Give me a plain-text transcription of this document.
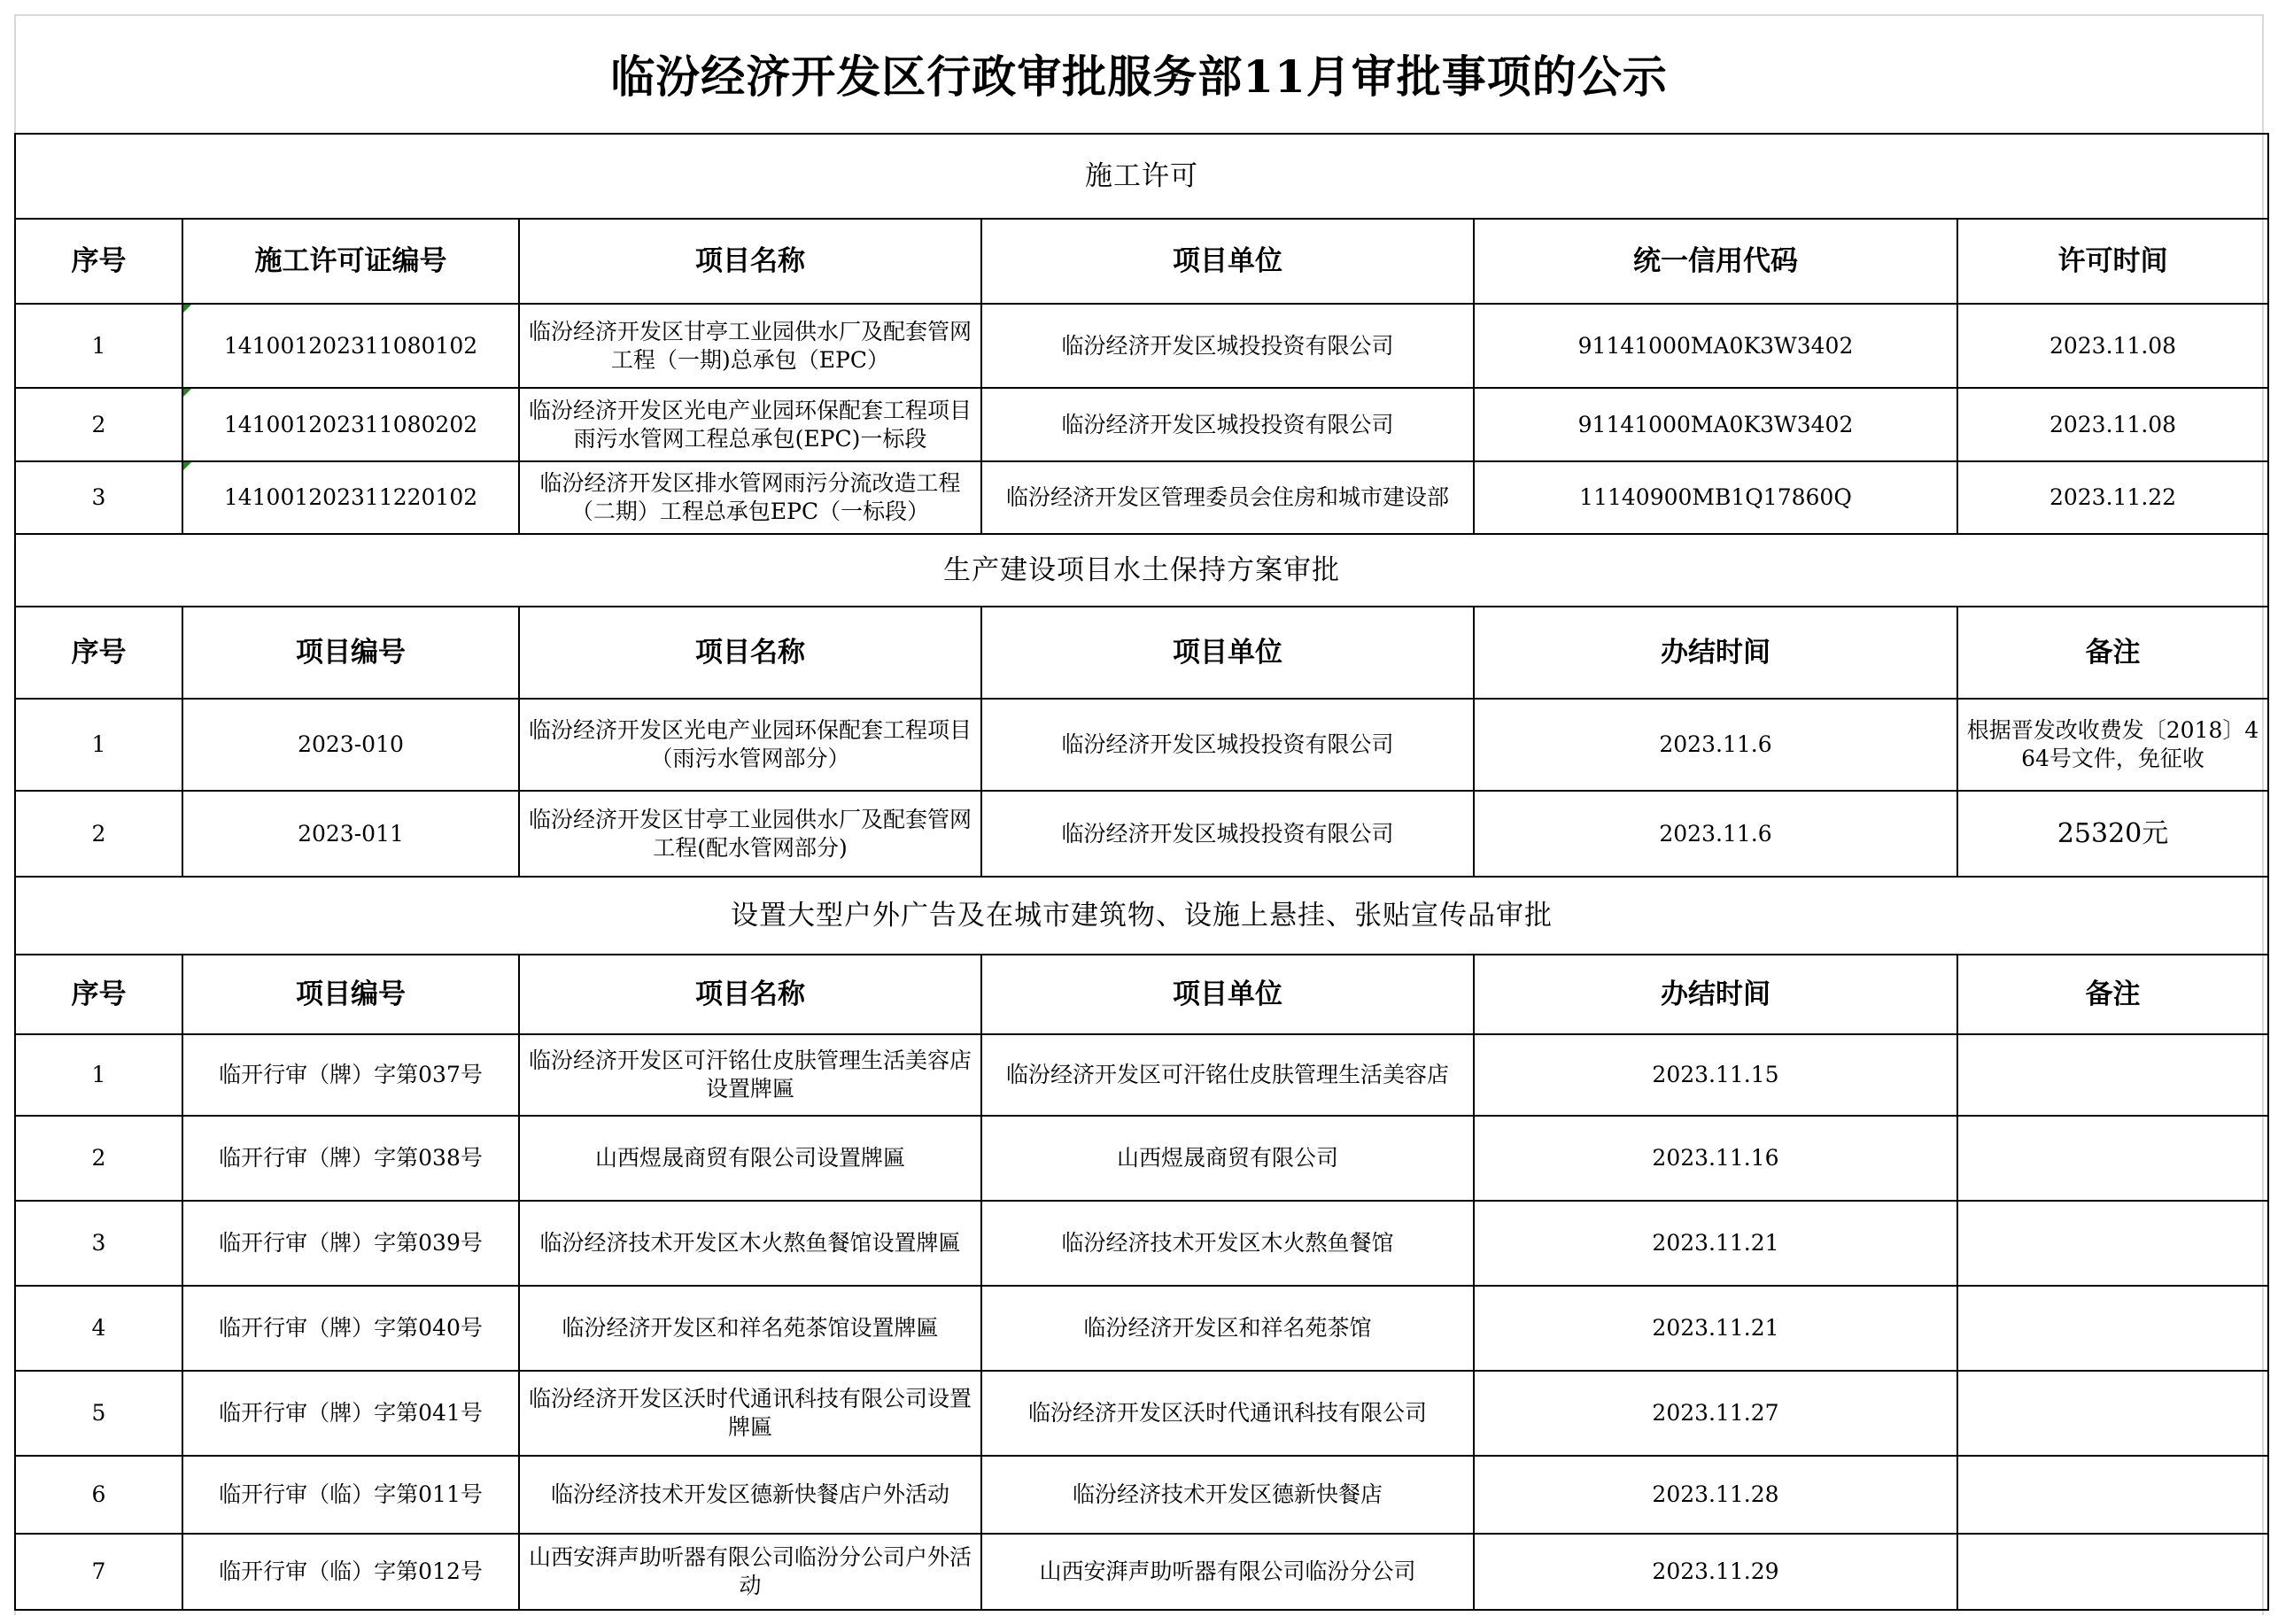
临汾经济开发区行政审批服务部11月审批事项的公示
施工许可					
序号	施工许可证编号	项目名称	项目单位	统一信用代码	许可时间
1	141001202311080102	临汾经济开发区甘亭工业园供水厂及配套管网工程（一期)总承包（EPC）	临汾经济开发区城投投资有限公司	91141000MA0K3W3402	2023.11.08
2	141001202311080202	临汾经济开发区光电产业园环保配套工程项目雨污水管网工程总承包(EPC)一标段	临汾经济开发区城投投资有限公司	91141000MA0K3W3402	2023.11.08
3	141001202311220102	临汾经济开发区排水管网雨污分流改造工程（二期）工程总承包EPC（一标段）	临汾经济开发区管理委员会住房和城市建设部	11140900MB1Q17860Q	2023.11.22
生产建设项目水土保持方案审批					
序号	项目编号	项目名称	项目单位	办结时间	备注
1	2023-010	临汾经济开发区光电产业园环保配套工程项目（雨污水管网部分）	临汾经济开发区城投投资有限公司	2023.11.6	根据晋发改收费发〔2018〕464号文件，免征收
2	2023-011	临汾经济开发区甘亭工业园供水厂及配套管网工程(配水管网部分)	临汾经济开发区城投投资有限公司	2023.11.6	25320元
设置大型户外广告及在城市建筑物、设施上悬挂、张贴宣传品审批					
序号	项目编号	项目名称	项目单位	办结时间	备注
1	临开行审（牌）字第037号	临汾经济开发区可汗铭仕皮肤管理生活美容店设置牌匾	临汾经济开发区可汗铭仕皮肤管理生活美容店	2023.11.15	
2	临开行审（牌）字第038号	山西煜晟商贸有限公司设置牌匾	山西煜晟商贸有限公司	2023.11.16	
3	临开行审（牌）字第039号	临汾经济技术开发区木火熬鱼餐馆设置牌匾	临汾经济技术开发区木火熬鱼餐馆	2023.11.21	
4	临开行审（牌）字第040号	临汾经济开发区和祥名苑茶馆设置牌匾	临汾经济开发区和祥名苑茶馆	2023.11.21	
5	临开行审（牌）字第041号	临汾经济开发区沃时代通讯科技有限公司设置牌匾	临汾经济开发区沃时代通讯科技有限公司	2023.11.27	
6	临开行审（临）字第011号	临汾经济技术开发区德新快餐店户外活动	临汾经济技术开发区德新快餐店	2023.11.28	
7	临开行审（临）字第012号	山西安湃声助听器有限公司临汾分公司户外活动	山西安湃声助听器有限公司临汾分公司	2023.11.29	
